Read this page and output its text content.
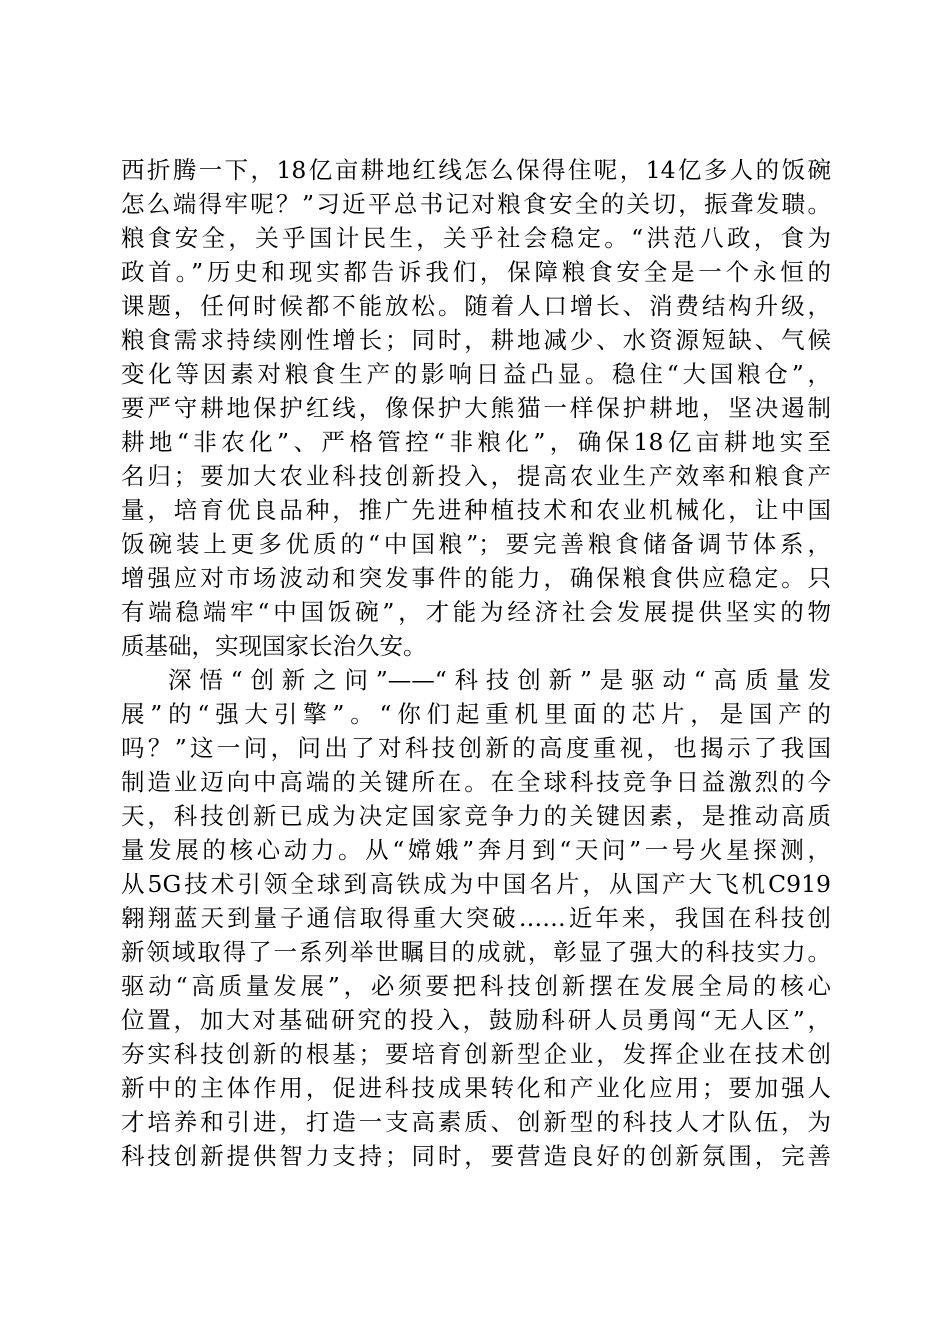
西折腾一下，18亿亩耕地红线怎么保得住呢，14亿多人的饭碗
怎么端得牢呢？”习近平总书记对粮食安全的关切，振聋发聩。
粮食安全，关乎国计民生，关乎社会稳定。“洪范八政，食为
政首。”历史和现实都告诉我们，保障粮食安全是一个永恒的
课题，任何时候都不能放松。随着人口增长、消费结构升级，
粮食需求持续刚性增长；同时，耕地减少、水资源短缺、气候
变化等因素对粮食生产的影响日益凸显。稳住“大国粮仓”，
要严守耕地保护红线，像保护大熊猫一样保护耕地，坚决遏制
耕地“非农化”、严格管控“非粮化”，确保18亿亩耕地实至
名归；要加大农业科技创新投入，提高农业生产效率和粮食产
量，培育优良品种，推广先进种植技术和农业机械化，让中国
饭碗装上更多优质的“中国粮”；要完善粮食储备调节体系，
增强应对市场波动和突发事件的能力，确保粮食供应稳定。只
有端稳端牢“中国饭碗”，才能为经济社会发展提供坚实的物
质基础，实现国家长治久安。
深悟“创新之问”——“科技创新”是驱动“高质量发
展”的“强大引擎”。“你们起重机里面的芯片，是国产的
吗？”这一问，问出了对科技创新的高度重视，也揭示了我国
制造业迈向中高端的关键所在。在全球科技竞争日益激烈的今
天，科技创新已成为决定国家竞争力的关键因素，是推动高质
量发展的核心动力。从“嫦娥”奔月到“天问”一号火星探测，
从5G技术引领全球到高铁成为中国名片，从国产大飞机C919
翱翔蓝天到量子通信取得重大突破……近年来，我国在科技创
新领域取得了一系列举世瞩目的成就，彰显了强大的科技实力。
驱动“高质量发展”，必须要把科技创新摆在发展全局的核心
位置，加大对基础研究的投入，鼓励科研人员勇闯“无人区”，
夯实科技创新的根基；要培育创新型企业，发挥企业在技术创
新中的主体作用，促进科技成果转化和产业化应用；要加强人
才培养和引进，打造一支高素质、创新型的科技人才队伍，为
科技创新提供智力支持；同时，要营造良好的创新氛围，完善
